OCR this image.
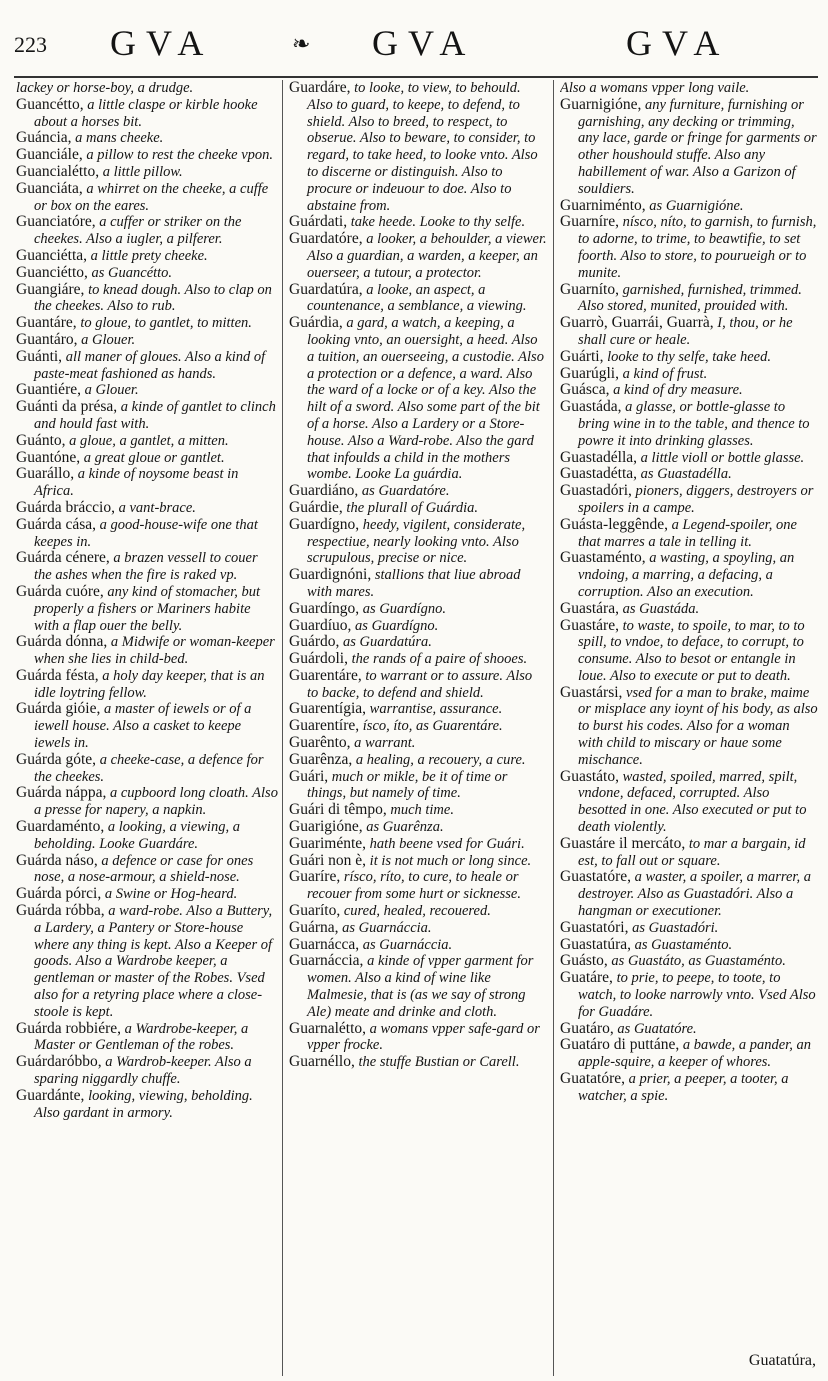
223 GVA	❧ GVA	GVA

lackey or horse-boy, a drudge.

Guancétto, a little claspe or kirble hooke about a horses bit.

Guáncia, a mans cheeke.

Guanciále, a pillow to rest the cheeke vpon.

Guancialétto, a little pillow.

Guanciáta, a whirret on the cheeke, a cuffe or box on the eares.

Guanciatóre, a cuffer or striker on the cheekes. Also a iugler, a pilferer.

Guanciétta, a little prety cheeke.

Guanciétto, as Guancétto.

Guangiáre, to knead dough. Also to clap on the cheekes. Also to rub.

Guantáre, to gloue, to gantlet, to mitten.

Guantáro, a Glouer.

Guánti, all maner of gloues. Also a kind of paste-meat fashioned as hands.

Guantiére, a Glouer.

Guánti da présa, a kinde of gantlet to clinch and hould fast with.

Guánto, a gloue, a gantlet, a mitten.

Guantóne, a great gloue or gantlet.

Guarállo, a kinde of noysome beast in Africa.

Guárda bráccio, a vant-brace.

Guárda cása, a good-house-wife one that keepes in.

Guárda cénere, a brazen vessell to couer the ashes when the fire is raked vp.

Guárda cuóre, any kind of stomacher, but properly a fishers or Mariners habite with a flap ouer the belly.

Guárda dónna, a Midwife or woman-keeper when she lies in child-bed.

Guárda fésta, a holy day keeper, that is an idle loytring fellow.

Guárda gióie, a master of iewels or of a iewell house. Also a casket to keepe iewels in.

Guárda góte, a cheeke-case, a defence for the cheekes.

Guárda náppa, a cupboord long cloath. Also a presse for napery, a napkin.

Guardaménto, a looking, a viewing, a beholding. Looke Guardáre.

Guárda náso, a defence or case for ones nose, a nose-armour, a shield-nose.

Guárda pórci, a Swine or Hog-heard.

Guárda róbba, a ward-robe. Also a Buttery, a Lardery, a Pantery or Store-house where any thing is kept. Also a Keeper of goods. Also a Wardrobe keeper, a gentleman or master of the Robes. Vsed also for a retyring place where a close-stoole is kept.

Guárda robbiére, a Wardrobe-keeper, a Master or Gentleman of the robes.

Guárdaróbbo, a Wardrob-keeper. Also a sparing niggardly chuffe.

Guardánte, looking, viewing, beholding. Also gardant in armory.

Guardáre, to looke, to view, to behould. Also to guard, to keepe, to defend, to shield. Also to breed, to respect, to obserue. Also to beware, to consider, to regard, to take heed, to looke vnto. Also to discerne or distinguish. Also to procure or indeuour to doe. Also to abstaine from.

Guárdati, take heede. Looke to thy selfe.

Guardatóre, a looker, a behoulder, a viewer. Also a guardian, a warden, a keeper, an ouerseer, a tutour, a protector.

Guardatúra, a looke, an aspect, a countenance, a semblance, a viewing.

Guárdia, a gard, a watch, a keeping, a looking vnto, an ouersight, a heed. Also a tuition, an ouerseeing, a custodie. Also a protection or a defence, a ward. Also the ward of a locke or of a key. Also the hilt of a sword. Also some part of the bit of a horse. Also a Lardery or a Store-house. Also a Ward-robe. Also the gard that infoulds a child in the mothers wombe. Looke La guárdia.

Guardiáno, as Guardatóre.

Guárdie, the plurall of Guárdia.

Guardígno, heedy, vigilent, considerate, respectiue, nearly looking vnto. Also scrupulous, precise or nice.

Guardignóni, stallions that liue abroad with mares.

Guardíngo, as Guardígno.

Guardíuo, as Guardígno.

Guárdo, as Guardatúra.

Guárdoli, the rands of a paire of shooes.

Guarentáre, to warrant or to assure. Also to backe, to defend and shield.

Guarentígia, warrantise, assurance.

Guarentíre, ísco, íto, as Guarentáre.

Guarênto, a warrant.

Guarênza, a healing, a recouery, a cure.

Guári, much or mikle, be it of time or things, but namely of time.

Guári di têmpo, much time.

Guarigióne, as Guarênza.

Guariménte, hath beene vsed for Guári.

Guári non è, it is not much or long since.

Guaríre, rísco, ríto, to cure, to heale or recouer from some hurt or sicknesse.

Guaríto, cured, healed, recouered.

Guárna, as Guarnáccia.

Guarnácca, as Guarnáccia.

Guarnáccia, a kinde of vpper garment for women. Also a kind of wine like Malmesie, that is (as we say of strong Ale) meate and drinke and cloth.

Guarnalétto, a womans vpper safe-gard or vpper frocke.

Guarnéllo, the stuffe Bustian or Carell.

Also a womans vpper long vaile.

Guarnigióne, any furniture, furnishing or garnishing, any decking or trimming, any lace, garde or fringe for garments or other houshould stuffe. Also any habillement of war. Also a Garizon of souldiers.

Guarniménto, as Guarnigióne.

Guarníre, nísco, níto, to garnish, to furnish, to adorne, to trime, to beawtifie, to set foorth. Also to store, to pourueigh or to munite.

Guarníto, garnished, furnished, trimmed. Also stored, munited, prouided with.

Guarrò, Guarrái, Guarrà, I, thou, or he shall cure or heale.

Guárti, looke to thy selfe, take heed.

Guarúgli, a kind of frust.

Guásca, a kind of dry measure.

Guastáda, a glasse, or bottle-glasse to bring wine in to the table, and thence to powre it into drinking glasses.

Guastadélla, a little violl or bottle glasse.

Guastadétta, as Guastadélla.

Guastadóri, pioners, diggers, destroyers or spoilers in a campe.

Guásta-leggênde, a Legend-spoiler, one that marres a tale in telling it.

Guastaménto, a wasting, a spoyling, an vndoing, a marring, a defacing, a corruption. Also an execution.

Guastára, as Guastáda.

Guastáre, to waste, to spoile, to mar, to to spill, to vndoe, to deface, to corrupt, to consume. Also to besot or entangle in loue. Also to execute or put to death.

Guastársi, vsed for a man to brake, maime or misplace any ioynt of his body, as also to burst his codes. Also for a woman with child to miscary or haue some mischance.

Guastáto, wasted, spoiled, marred, spilt, vndone, defaced, corrupted. Also besotted in one. Also executed or put to death violently.

Guastáre il mercáto, to mar a bargain, id est, to fall out or square.

Guastatóre, a waster, a spoiler, a marrer, a destroyer. Also as Guastadóri. Also a hangman or executioner.

Guastatóri, as Guastadóri.

Guastatúra, as Guastaménto.

Guásto, as Guastáto, as Guastaménto.

Guatáre, to prie, to peepe, to toote, to watch, to looke narrowly vnto. Vsed Also for Guadáre.

Guatáro, as Guatatóre.

Guatáro di puttáne, a bawde, a pander, an apple-squire, a keeper of whores.

Guatatóre, a prier, a peeper, a tooter, a watcher, a spie.

Guatatúra,
